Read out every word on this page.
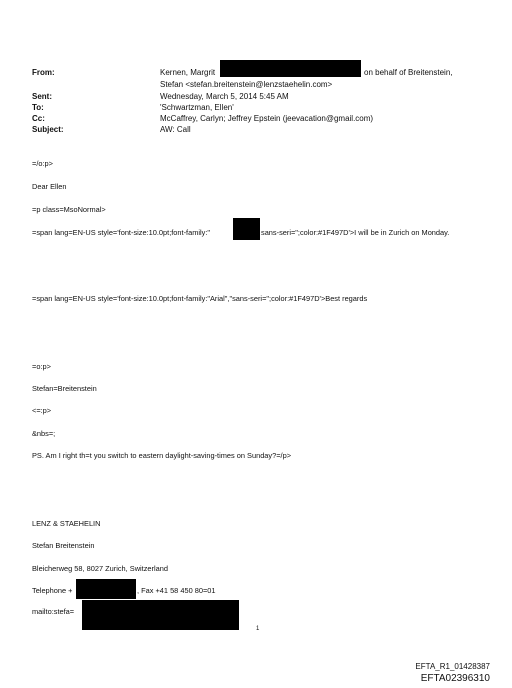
From:	Kernen, Margrit	on behalf of Breitenstein,
Stefan <stefan.breitenstein@lenzstaehelin.com>
Sent:	Wednesday, March 5, 2014 5:45 AM
To:	'Schwartzman, Ellen'
Cc:	McCaffrey, Carlyn; Jeffrey Epstein (jeevacation@gmail.com)
Subject:	AW: Call
=/o:p>
Dear Ellen
=p class=MsoNormal>
=span lang=EN-US style='font-size:10.0pt;font-family:"	sans-seri=";color:#1F497D'>I will be in Zurich on Monday.
=span lang=EN-US style='font-size:10.0pt;font-family:"Arial","sans-seri=";color:#1F497D'>Best regards
=o:p>
Stefan=Breitenstein
<=:p>
&nbs=;
PS. Am I right th=t you switch to eastern daylight-saving-times on Sunday?=/p>
LENZ & STAEHELIN
Stefan Breitenstein
Bleicherweg 58, 8027 Zurich, Switzerland
Telephone +	, Fax +41 58 450 80=01
mailto:stefa=
1
EFTA_R1_01428387
EFTA02396310
